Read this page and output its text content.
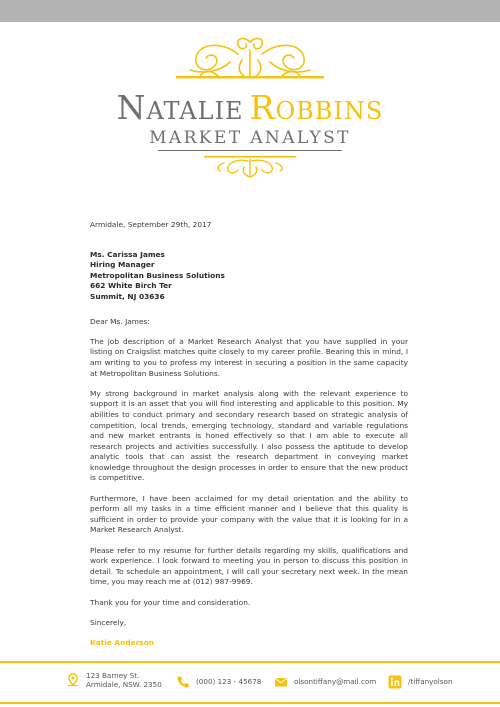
NATALIE ROBBINS
MARKET ANALYST

Armidale, September 29th, 2017

Ms. Carissa James
Hiring Manager
Metropolitan Business Solutions
662 White Birch Ter
Summit, NJ 03636

Dear Ms. James:

The job description of a Market Research Analyst that you have supplied in your listing on Craigslist matches quite closely to my career profile. Bearing this in mind, I am writing to you to profess my interest in securing a position in the same capacity at Metropolitan Business Solutions.

My strong background in market analysis along with the relevant experience to support it is an asset that you will find interesting and applicable to this position. My abilities to conduct primary and secondary research based on strategic analysis of competition, local trends, emerging technology, standard and variable regulations and new market entrants is honed effectively so that I am able to execute all research projects and activities successfully. I also possess the aptitude to develop analytic tools that can assist the research department in conveying market knowledge throughout the design processes in order to ensure that the new product is competitive.

Furthermore, I have been acclaimed for my detail orientation and the ability to perform all my tasks in a time efficient manner and I believe that this quality is sufficient in order to provide your company with the value that it is looking for in a Market Research Analyst.

Please refer to my resume for further details regarding my skills, qualifications and work experience. I look forward to meeting you in person to discuss this position in detail. To schedule an appointment, I will call your secretary next week. In the mean time, you may reach me at (012) 987-9969.

Thank you for your time and consideration.

Sincerely,

Katie Anderson

123 Barney St.
Armidale, NSW. 2350	(000) 123 - 45678	olsontiffany@mail.com	/tiffanyolson
